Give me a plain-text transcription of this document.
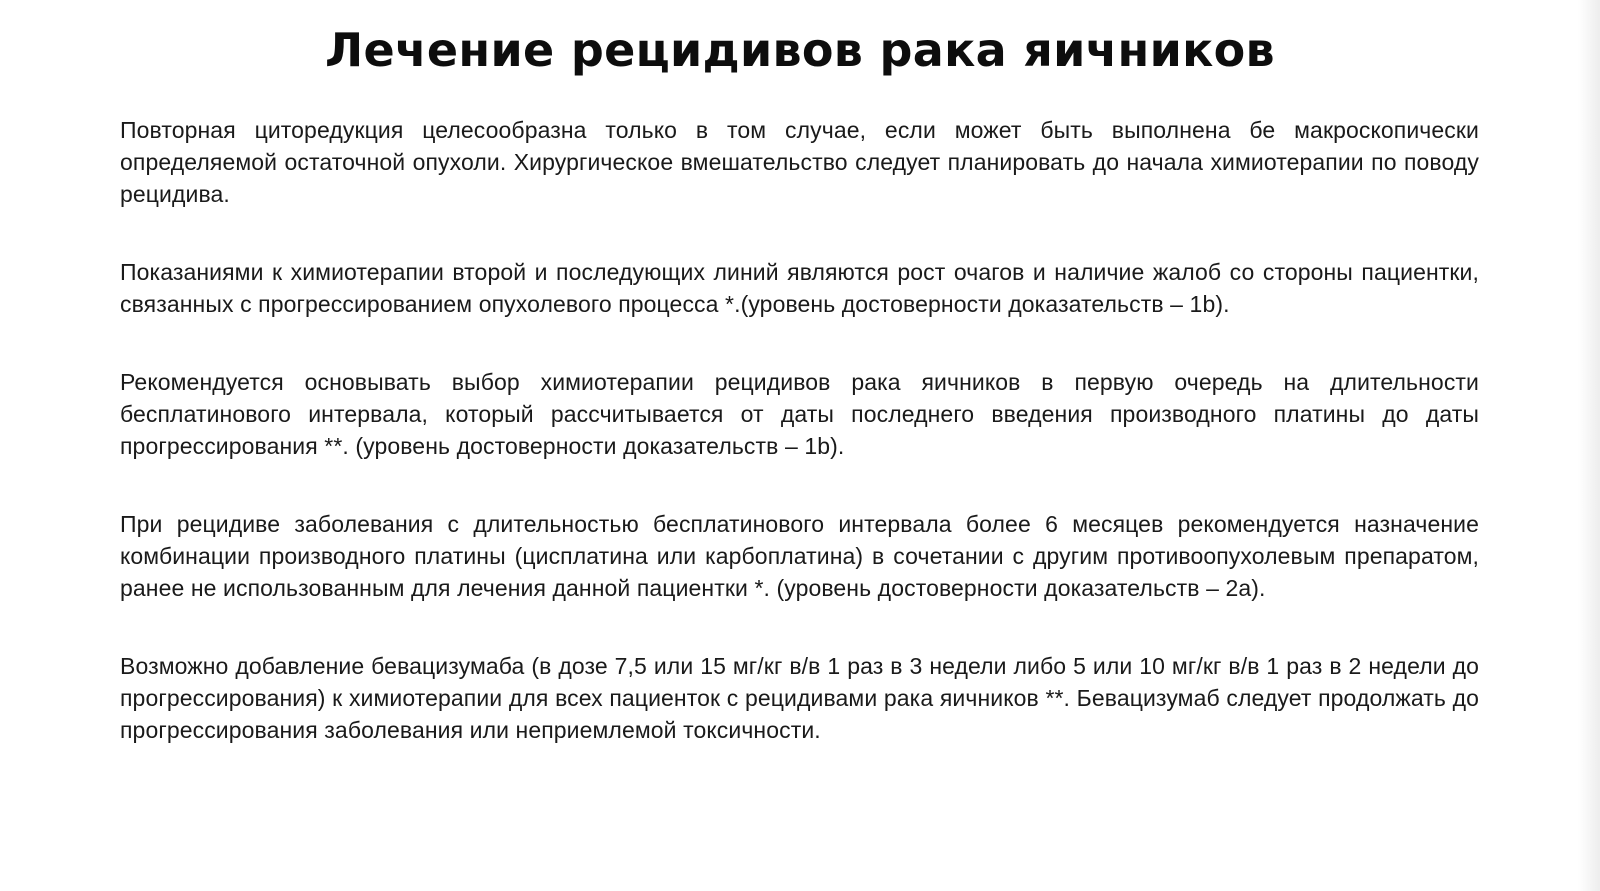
Лечение рецидивов рака яичников

Повторная циторедукция целесообразна только в том случае, если может быть выполнена бе макроскопически определяемой остаточной опухоли. Хирургическое вмешательство следует планировать до начала химиотерапии по поводу рецидива.

Показаниями к химиотерапии второй и последующих линий являются рост очагов и наличие жалоб со стороны пациентки, связанных с прогрессированием опухолевого процесса *.(уровень достоверности доказательств – 1b).

Рекомендуется основывать выбор химиотерапии рецидивов рака яичников в первую очередь на длительности бесплатинового интервала, который рассчитывается от даты последнего введения производного платины до даты прогрессирования **. (уровень достоверности доказательств – 1b).

При рецидиве заболевания с длительностью бесплатинового интервала более 6 месяцев рекомендуется назначение комбинации производного платины (цисплатина или карбоплатина) в сочетании с другим противоопухолевым препаратом, ранее не использованным для лечения данной пациентки *. (уровень достоверности доказательств – 2a).

Возможно добавление бевацизумаба (в дозе 7,5 или 15 мг/кг в/в 1 раз в 3 недели либо 5 или 10 мг/кг в/в 1 раз в 2 недели до прогрессирования) к химиотерапии для всех пациенток с рецидивами рака яичников **. Бевацизумаб следует продолжать до прогрессирования заболевания или неприемлемой токсичности.
